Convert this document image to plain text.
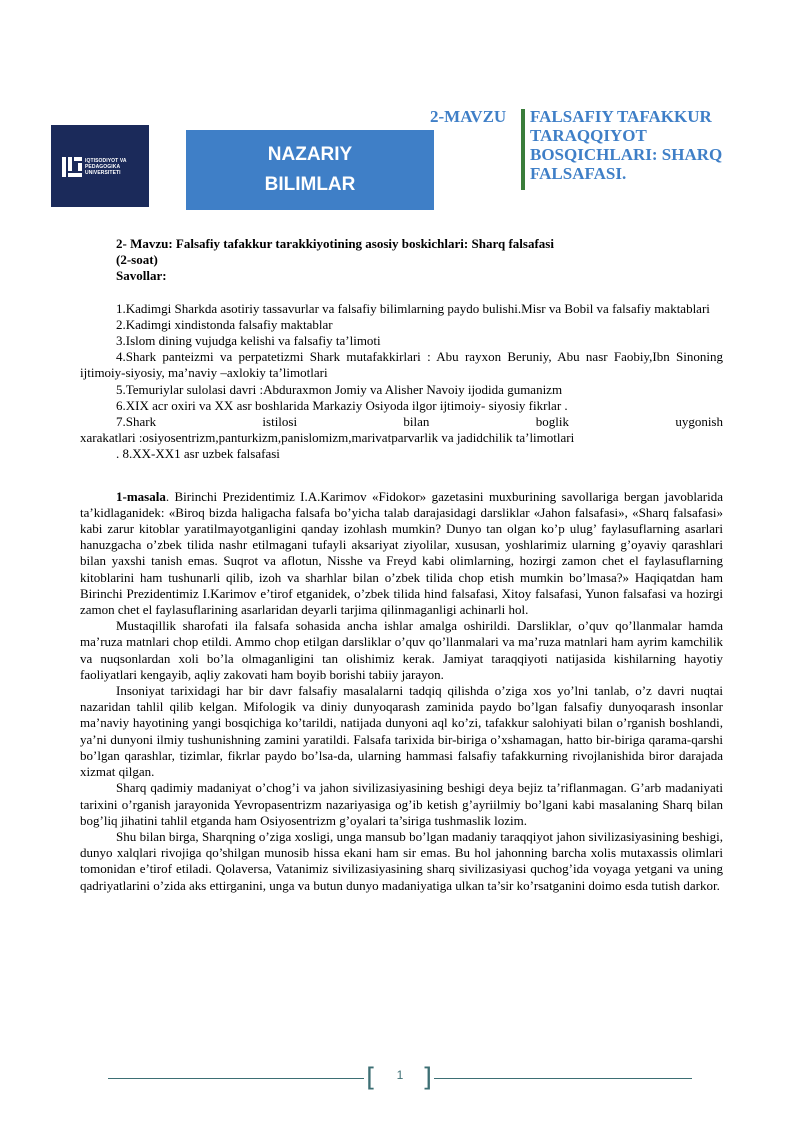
IQTISODIYOT VA
PEDAGOGIKA
UNIVERSITETI
NAZARIY
BILIMLAR
2-MAVZU FALSAFIY TAFAKKUR
TARAQQIYOT
BOSQICHLARI: SHARQ
FALSAFASI.

2- Mavzu: Falsafiy tafakkur tarakkiyotining asosiy boskichlari: Sharq falsafasi

(2-soat)

Savollar:

1.Kadimgi Sharkda asotiriy tassavurlar va falsafiy bilimlarning paydo bulishi.Misr va Bobil va falsafiy maktablari

2.Kadimgi xindistonda falsafiy maktablar

3.Islom dining vujudga kelishi va falsafiy ta’limoti

4.Shark panteizmi va perpatetizmi Shark mutafakkirlari : Abu rayxon Beruniy, Abu nasr Faobiy,Ibn Sinoning ijtimoiy-siyosiy, ma’naviy –axlokiy ta’limotlari

5.Temuriylar sulolasi davri :Abduraxmon Jomiy va Alisher Navoiy ijodida gumanizm

6.XIX acr oxiri va XX asr boshlarida Markaziy Osiyoda ilgor ijtimoiy- siyosiy fikrlar .

7.Shark istilosi bilan boglik uygonish

xarakatlari :osiyosentrizm,panturkizm,panislomizm,marivatparvarlik va jadidchilik ta’limotlari

. 8.XX-XX1 asr uzbek falsafasi

1-masala. Birinchi Prezidentimiz I.A.Karimov «Fidokor» gazetasini muxburining savollariga bergan javoblarida ta’kidlaganidek: «Biroq bizda haligacha falsafa bo’yicha talab darajasidagi darsliklar «Jahon falsafasi», «Sharq falsafasi» kabi zarur kitoblar yaratilmayotganligini qanday izohlash mumkin? Dunyo tan olgan ko’p ulug’ faylasuflarning asarlari hanuzgacha o’zbek tilida nashr etilmagani tufayli aksariyat ziyolilar, xususan, yoshlarimiz ularning g’oyaviy qarashlari bilan yaxshi tanish emas. Suqrot va aflotun, Nisshe va Freyd kabi olimlarning, hozirgi zamon chet el faylasuflarning kitoblarini ham tushunarli qilib, izoh va sharhlar bilan o’zbek tilida chop etish mumkin bo’lmasa?» Haqiqatdan ham Birinchi Prezidentimiz I.Karimov e’tirof etganidek, o’zbek tilida hind falsafasi, Xitoy falsafasi, Yunon falsafasi va hozirgi zamon chet el faylasuflarining asarlaridan deyarli tarjima qilinmaganligi achinarli hol.

Mustaqillik sharofati ila falsafa sohasida ancha ishlar amalga oshirildi. Darsliklar, o’quv qo’llanmalar hamda ma’ruza matnlari chop etildi. Ammo chop etilgan darsliklar o’quv qo’llanmalari va ma’ruza matnlari ham ayrim kamchilik va nuqsonlardan xoli bo’la olmaganligini tan olishimiz kerak. Jamiyat taraqqiyoti natijasida kishilarning hayotiy faoliyatlari kengayib, aqliy zakovati ham boyib borishi tabiiy jarayon.

Insoniyat tarixidagi har bir davr falsafiy masalalarni tadqiq qilishda o’ziga xos yo’lni tanlab, o’z davri nuqtai nazaridan tahlil qilib kelgan. Mifologik va diniy dunyoqarash zaminida paydo bo’lgan falsafiy dunyoqarash insonlar ma’naviy hayotining yangi bosqichiga ko’tarildi, natijada dunyoni aql ko’zi, tafakkur salohiyati bilan o’rganish boshlandi, ya’ni dunyoni ilmiy tushunishning zamini yaratildi. Falsafa tarixida bir-biriga o’xshamagan, hatto bir-biriga qarama-qarshi bo’lgan qarashlar, tizimlar, fikrlar paydo bo’lsa-da, ularning hammasi falsafiy tafakkurning rivojlanishida biror darajada xizmat qilgan.

Sharq qadimiy madaniyat o’chog’i va jahon sivilizasiyasining beshigi deya bejiz ta’riflanmagan. G’arb madaniyati tarixini o’rganish jarayonida Yevropasentrizm nazariyasiga og’ib ketish g’ayriilmiy bo’lgani kabi masalaning Sharq bilan bog’liq jihatini tahlil etganda ham Osiyosentrizm g’oyalari ta’siriga tushmaslik lozim.

Shu bilan birga, Sharqning o’ziga xosligi, unga mansub bo’lgan madaniy taraqqiyot jahon sivilizasiyasining beshigi, dunyo xalqlari rivojiga qo’shilgan munosib hissa ekani ham sir emas. Bu hol jahonning barcha xolis mutaxassis olimlari tomonidan e’tirof etiladi. Qolaversa, Vatanimiz sivilizasiyasining sharq sivilizasiyasi quchog’ida voyaga yetgani va uning qadriyatlarini o’zida aks ettirganini, unga va butun dunyo madaniyatiga ulkan ta’sir ko’rsatganini doimo esda tutish darkor.

[	1 ]
